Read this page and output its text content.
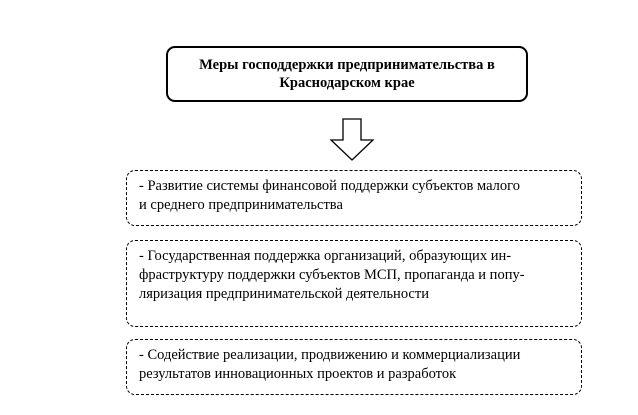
Меры господдержки предпринимательства в
Краснодарском крае
- Развитие системы финансовой поддержки субъектов малого
и среднего предпринимательства
- Государственная поддержка организаций, образующих ин-
фраструктуру поддержки субъектов МСП, пропаганда и попу-
ляризация предпринимательской деятельности
- Содействие реализации, продвижению и коммерциализации
результатов инновационных проектов и разработок
